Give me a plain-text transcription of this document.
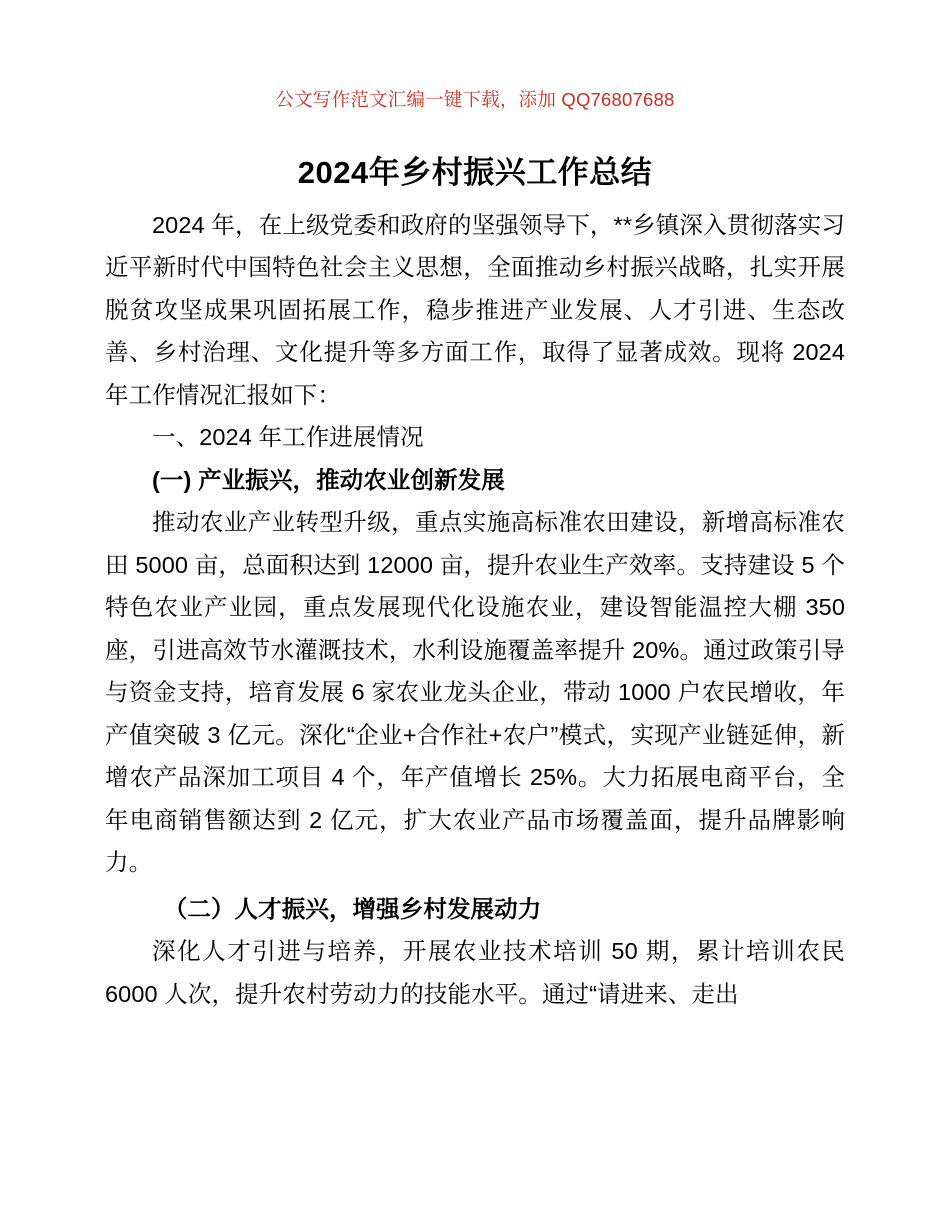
公文写作范文汇编一键下载，添加 QQ76807688
2024年乡村振兴工作总结

2024 年，在上级党委和政府的坚强领导下，**乡镇深入贯彻落实习近平新时代中国特色社会主义思想，全面推动乡村振兴战略，扎实开展脱贫攻坚成果巩固拓展工作，稳步推进产业发展、人才引进、生态改善、乡村治理、文化提升等多方面工作，取得了显著成效。现将 2024 年工作情况汇报如下：

一、2024 年工作进展情况

(一) 产业振兴，推动农业创新发展

推动农业产业转型升级，重点实施高标准农田建设，新增高标准农田 5000 亩，总面积达到 12000 亩，提升农业生产效率。支持建设 5 个特色农业产业园，重点发展现代化设施农业，建设智能温控大棚 350 座，引进高效节水灌溉技术，水利设施覆盖率提升 20%。通过政策引导与资金支持，培育发展 6 家农业龙头企业，带动 1000 户农民增收，年产值突破 3 亿元。深化“企业+合作社+农户”模式，实现产业链延伸，新增农产品深加工项目 4 个，年产值增长 25%。大力拓展电商平台，全年电商销售额达到 2 亿元，扩大农业产品市场覆盖面，提升品牌影响力。

（二）人才振兴，增强乡村发展动力

深化人才引进与培养，开展农业技术培训 50 期，累计培训农民 6000 人次，提升农村劳动力的技能水平。通过“请进来、走出
